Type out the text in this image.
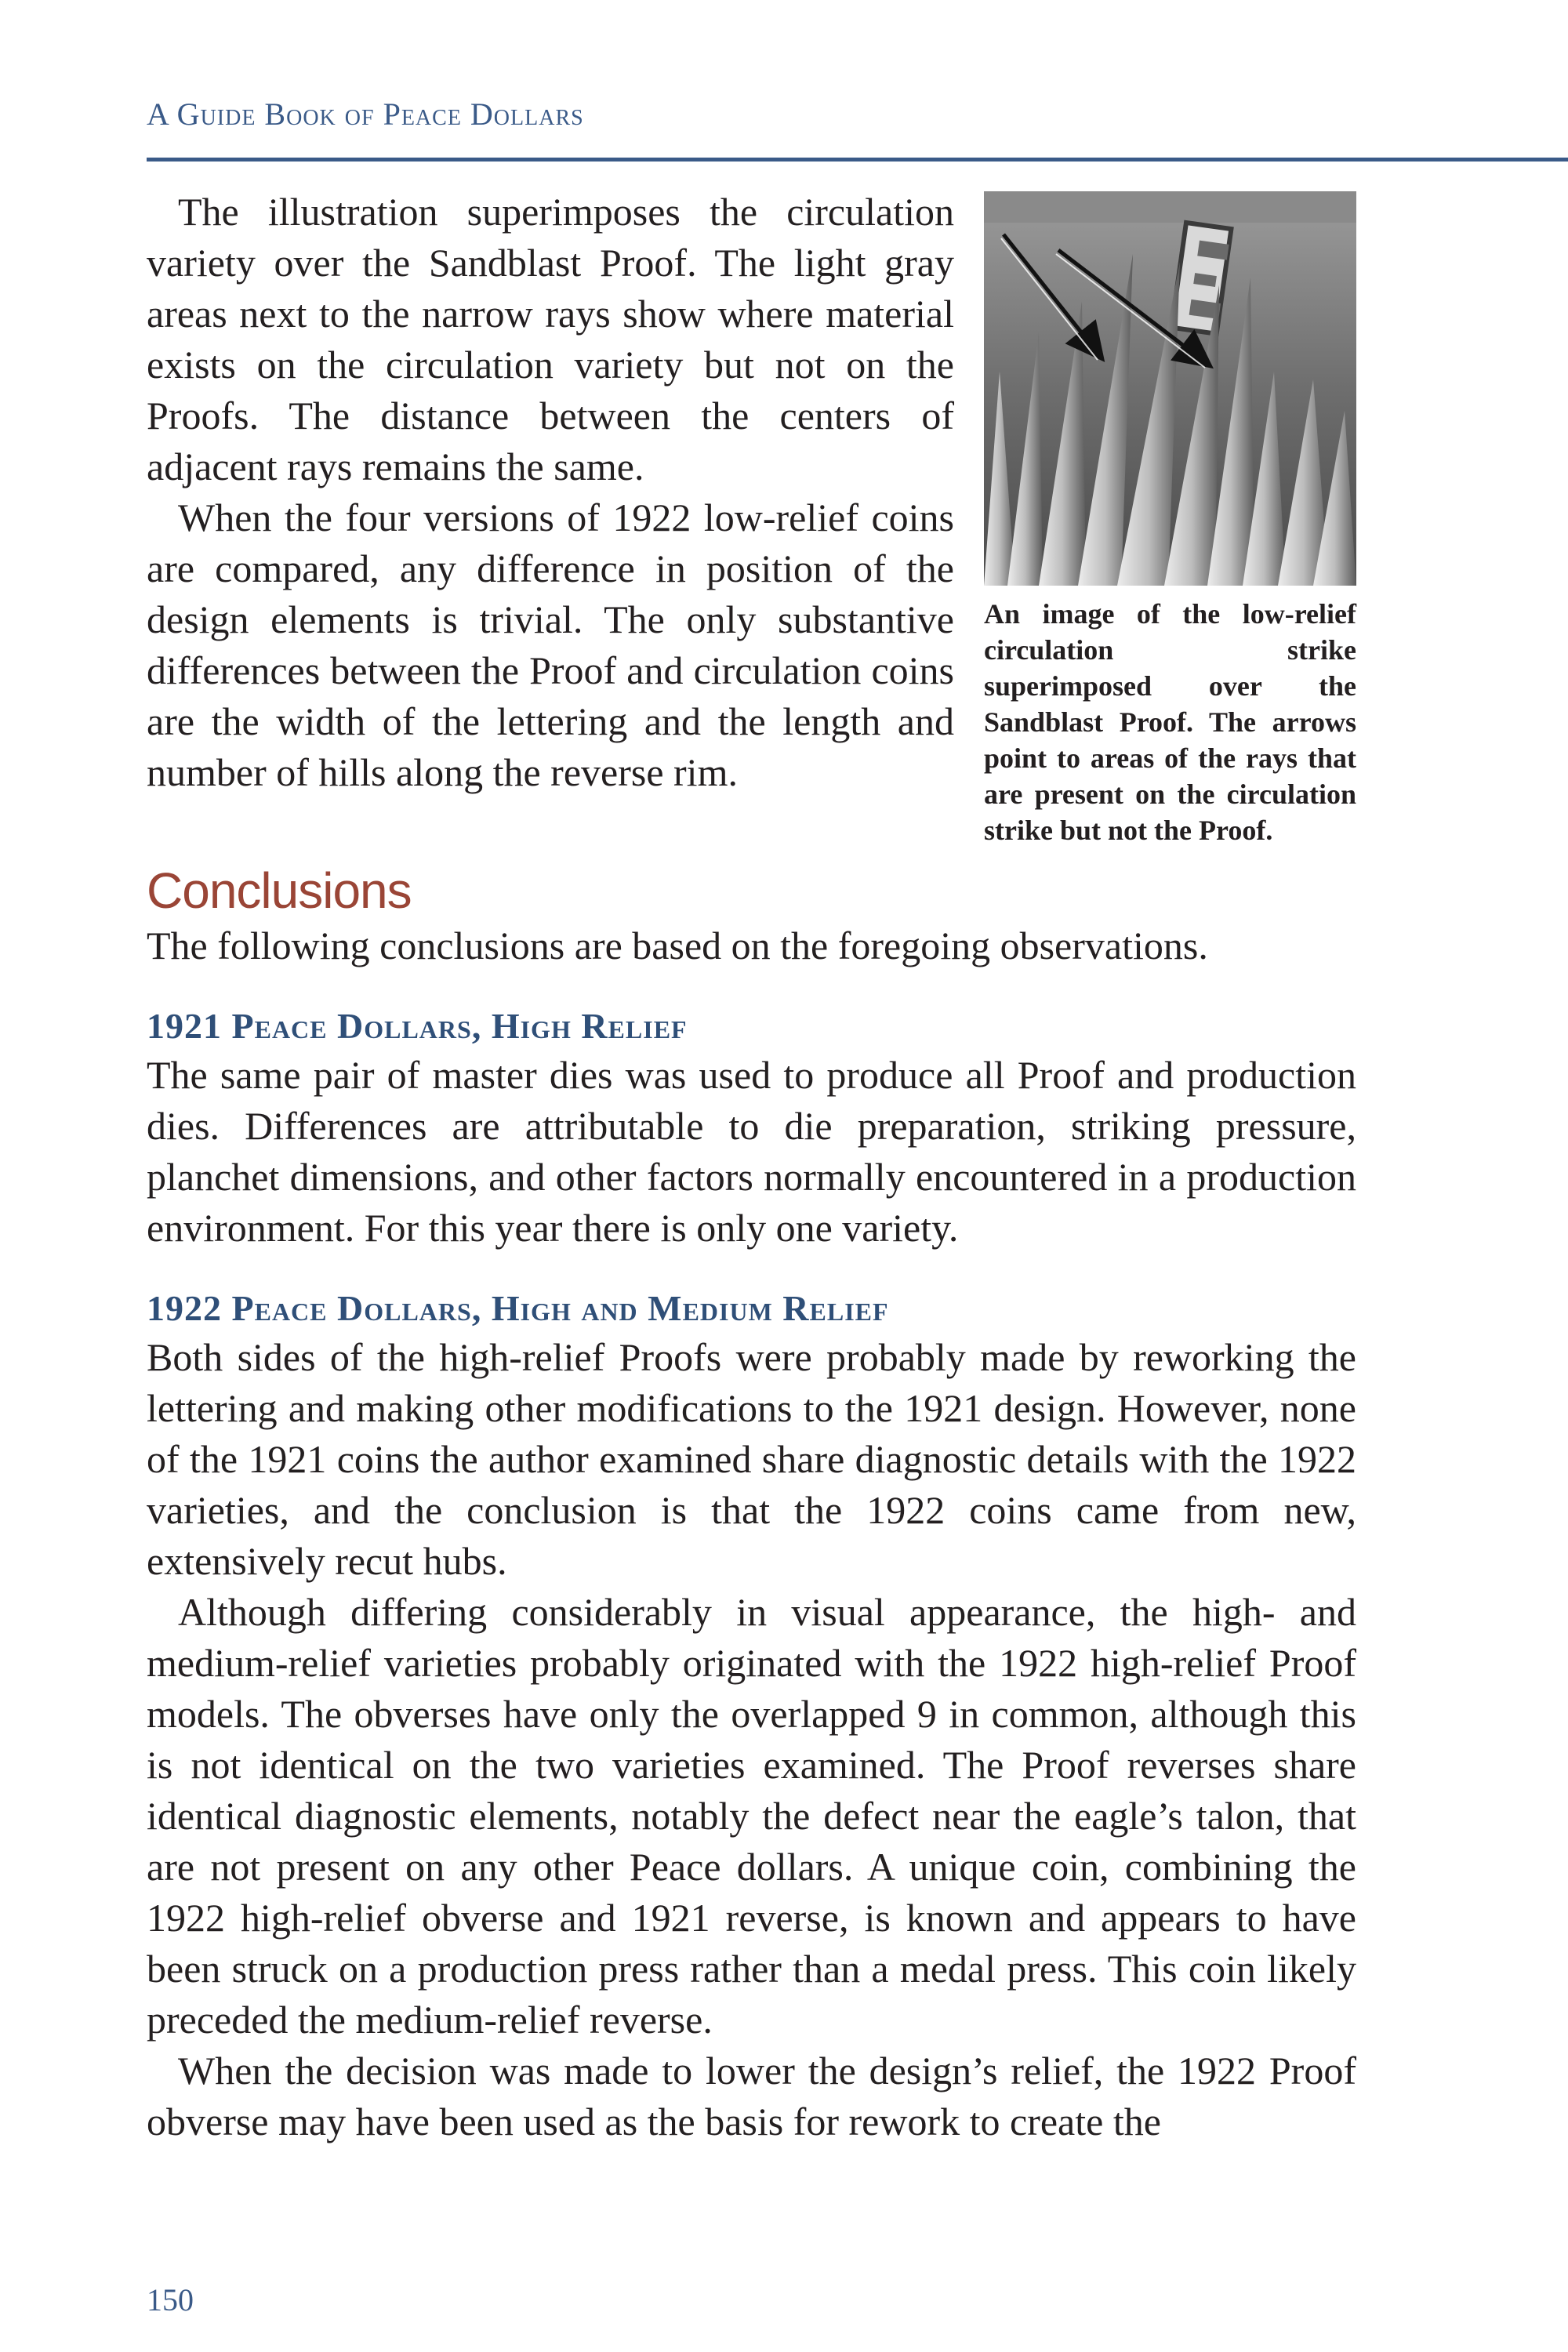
A Guide Book of Peace Dollars

The illustration superimposes the circulation variety over the Sandblast Proof. The light gray areas next to the narrow rays show where material exists on the circulation variety but not on the Proofs. The distance between the centers of adjacent rays remains the same.

When the four versions of 1922 low-relief coins are compared, any difference in position of the design elements is trivial. The only substantive differences between the Proof and circulation coins are the width of the lettering and the length and number of hills along the reverse rim.

An image of the low-relief circulation strike superimposed over the Sandblast Proof. The arrows point to areas of the rays that are present on the circulation strike but not the Proof.
Conclusions

The following conclusions are based on the foregoing observations.

1921 Peace Dollars, High Relief

The same pair of master dies was used to produce all Proof and production dies. Differences are attributable to die preparation, striking pressure, planchet dimensions, and other factors normally encountered in a production environment. For this year there is only one variety.

1922 Peace Dollars, High and Medium Relief

Both sides of the high-relief Proofs were probably made by reworking the lettering and making other modifications to the 1921 design. However, none of the 1921 coins the author examined share diagnostic details with the 1922 varieties, and the conclusion is that the 1922 coins came from new, extensively recut hubs.

Although differing considerably in visual appearance, the high- and medium-relief varieties probably originated with the 1922 high-relief Proof models. The obverses have only the overlapped 9 in common, although this is not identical on the two varieties examined. The Proof reverses share identical diagnostic elements, notably the defect near the eagle’s talon, that are not present on any other Peace dollars. A unique coin, combining the 1922 high-relief obverse and 1921 reverse, is known and appears to have been struck on a production press rather than a medal press. This coin likely preceded the medium-relief reverse.

When the decision was made to lower the design’s relief, the 1922 Proof obverse may have been used as the basis for rework to create the

150
